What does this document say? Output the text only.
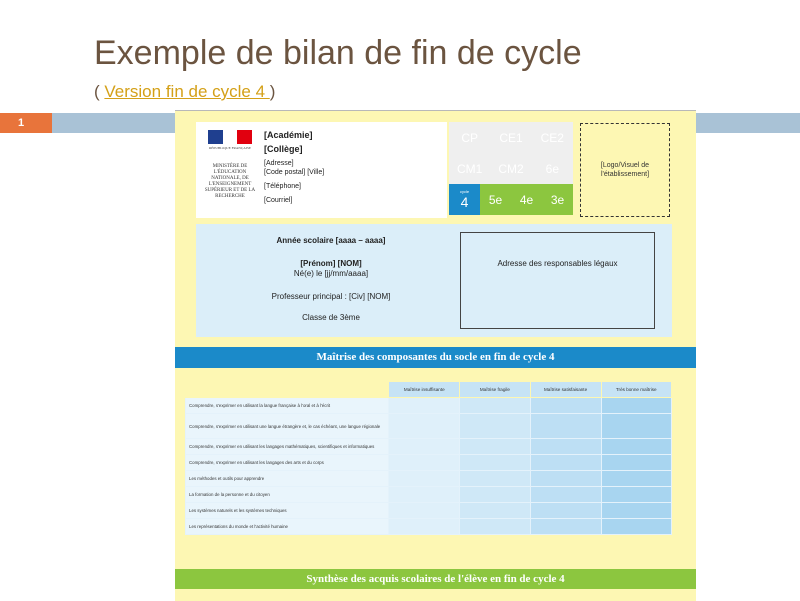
Exemple de bilan de fin de cycle
( Version fin de cycle 4 )
1
RÉPUBLIQUE FRANÇAISE
MINISTÈRE DE L'ÉDUCATION NATIONALE, DE L'ENSEIGNEMENT SUPÉRIEUR ET DE LA RECHERCHE
[Académie]
[Collège]
[Adresse]
[Code postal] [Ville]
[Téléphone]
[Courriel]
CP	CE1	CE2
CM1	CM2	6e
cycle
4	5e	4e	3e
[Logo/Visuel de l'établissement]
Année scolaire [aaaa – aaaa]
[Prénom] [NOM]
Né(e) le [jj/mm/aaaa]
Professeur principal : [Civ] [NOM]
Classe de 3ème
Adresse des responsables légaux
Maîtrise des composantes du socle en fin de cycle 4
	Maîtrise insuffisante	Maîtrise fragile	Maîtrise satisfaisante	Très bonne maîtrise
Comprendre, s'exprimer en utilisant la langue française à l'oral et à l'écrit				
Comprendre, s'exprimer en utilisant une langue étrangère et, le cas échéant, une langue régionale				
Comprendre, s'exprimer en utilisant les langages mathématiques, scientifiques et informatiques				
Comprendre, s'exprimer en utilisant les langages des arts et du corps				
Les méthodes et outils pour apprendre				
La formation de la personne et du citoyen				
Les systèmes naturels et les systèmes techniques				
Les représentations du monde et l'activité humaine				
Synthèse des acquis scolaires de l'élève en fin de cycle 4
